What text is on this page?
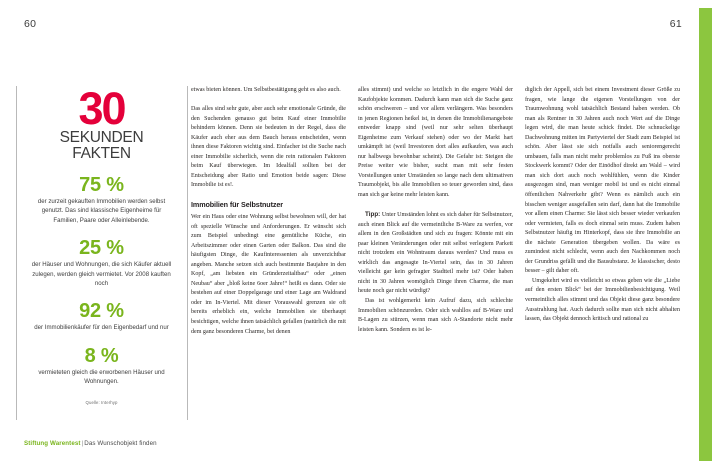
60	61
30
SEKUNDEN
FAKTEN
75 %
der zurzeit gekauften Immobilien werden selbst genutzt. Das sind klassische Eigenheime für Familien, Paare oder Alleinlebende.
25 %
der Häuser und Wohnungen, die sich Käufer aktuell zulegen, werden gleich vermietet. Vor 2008 kauften noch
92 %
der Immobilienkäufer für den Eigenbedarf und nur
8 %
vermieteten gleich die erworbenen Häuser und Wohnungen.
Quelle: Interhyp

etwas bieten können. Um Selbstbestätigung geht es also auch.

Das alles sind sehr gute, aber auch sehr emotionale Gründe, die den Suchenden genauso gut beim Kauf einer Immobilie behindern können. Denn sie bedeuten in der Regel, dass die Käufer auch eher aus dem Bauch heraus entscheiden, wenn ihnen diese Faktoren wichtig sind. Einfacher ist die Suche nach einer Immobilie sicherlich, wenn die rein rationalen Faktoren beim Kauf überwiegen. Im Idealfall sollten bei der Entscheidung aber Ratio und Emotion beide sagen: Diese Immobilie ist es!.

Immobilien für Selbstnutzer

Wer ein Haus oder eine Wohnung selbst bewohnen will, der hat oft spezielle Wünsche und Anforderungen. Er wünscht sich zum Beispiel unbedingt eine gemütliche Küche, ein Arbeitszimmer oder einen Garten oder Balkon. Das sind die häufigsten Dinge, die Kaufinteressenten als unverzichtbar angeben. Manche setzen sich auch bestimmte Baujahre in den Kopf, „am liebsten ein Gründerzeitaltbau“ oder „einen Neubau“ aber „bloß keine 6oer Jahre!“ heißt es dann. Oder sie bestehen auf einer Doppelgarage und einer Lage am Waldrand oder im In-Viertel. Mit dieser Vorauswahl grenzen sie oft bereits erheblich ein, welche Immobilien sie überhaupt besichtigen, welche ihnen tatsächlich gefallen (natürlich die mit dem ganz besonderen Charme, bei denen

alles stimmt) und welche so letztlich in die engere Wahl der Kaufobjekte kommen. Dadurch kann man sich die Suche ganz schön erschweren – und vor allem verlängern. Was besonders in jenen Regionen heikel ist, in denen die Immobilienangebote entweder knapp sind (weil nur sehr selten überhaupt Eigenheime zum Verkauf stehen) oder wo der Markt hart umkämpft ist (weil Investoren dort alles aufkaufen, was auch nur halbwegs bewohnbar scheint). Die Gefahr ist: Steigen die Preise weiter wie bisher, sucht man mit sehr festen Vorstellungen unter Umständen so lange nach dem ultimativen Traumobjekt, bis alle Immobilien so teuer geworden sind, dass man sich gar keine mehr leisten kann.

Tipp: Unter Umständen lohnt es sich daher für Selbstnutzer, auch einen Blick auf die vermeintliche B-Ware zu werfen, vor allem in den Großstädten und sich zu fragen: Könnte mit ein paar kleinen Veränderungen oder mit selbst verlegtem Parkett nicht trotzdem ein Wohntraum daraus werden? Und muss es wirklich das angesagte In-Viertel sein, das in 30 Jahren vielleicht gar kein gefragter Stadtteil mehr ist? Oder haben nicht in 30 Jahren womöglich Dinge ihren Charme, die man heute noch gar nicht würdigt?

Das ist wohlgemerkt kein Aufruf dazu, sich schlechte Immobilien schönzureden. Oder sich wahllos auf B-Ware und B-Lagen zu stürzen, wenn man sich A-Standorte nicht mehr leisten kann. Sondern es ist le-

diglich der Appell, sich bei einem Investment dieser Größe zu fragen, wie lange die eigenen Vorstellungen von der Traumwohnung wohl tatsächlich Bestand haben werden. Ob man als Rentner in 30 Jahren auch noch Wert auf die Dinge legen wird, die man heute schick findet. Die schnuckelige Dachwohnung mitten im Partyviertel der Stadt zum Beispiel ist schön. Aber lässt sie sich notfalls auch seniorengerecht umbauen, falls man nicht mehr problemlos zu Fuß ins oberste Stockwerk kommt? Oder der Einödhof direkt am Wald – wird man sich dort auch noch wohlfühlen, wenn die Kinder ausgezogen sind, man weniger mobil ist und es nicht einmal öffentlichen Nahverkehr gibt? Wenn es nämlich auch ein bisschen weniger ausgefallen sein darf, dann hat die Immobilie vor allem einen Charme: Sie lässt sich besser wieder verkaufen oder vermieten, falls es doch einmal sein muss. Zudem haben Selbstnutzer häufig im Hinterkopf, dass sie ihre Immobilie an die nächste Generation übergeben wollen. Da wäre es zumindest nicht schlecht, wenn auch den Nachkommen noch der Grundriss gefällt und die Bausubstanz. Je klassischer, desto besser – gilt daher oft.

Umgekehrt wird es vielleicht so etwas geben wie die „Liebe auf den ersten Blick“ bei der Immobilienbesichtigung. Weil vermeintlich alles stimmt und das Objekt diese ganz besondere Ausstrahlung hat. Auch dadurch sollte man sich nicht abhalten lassen, das Objekt dennoch kritisch und rational zu

Stiftung Warentest|Das Wunschobjekt finden
